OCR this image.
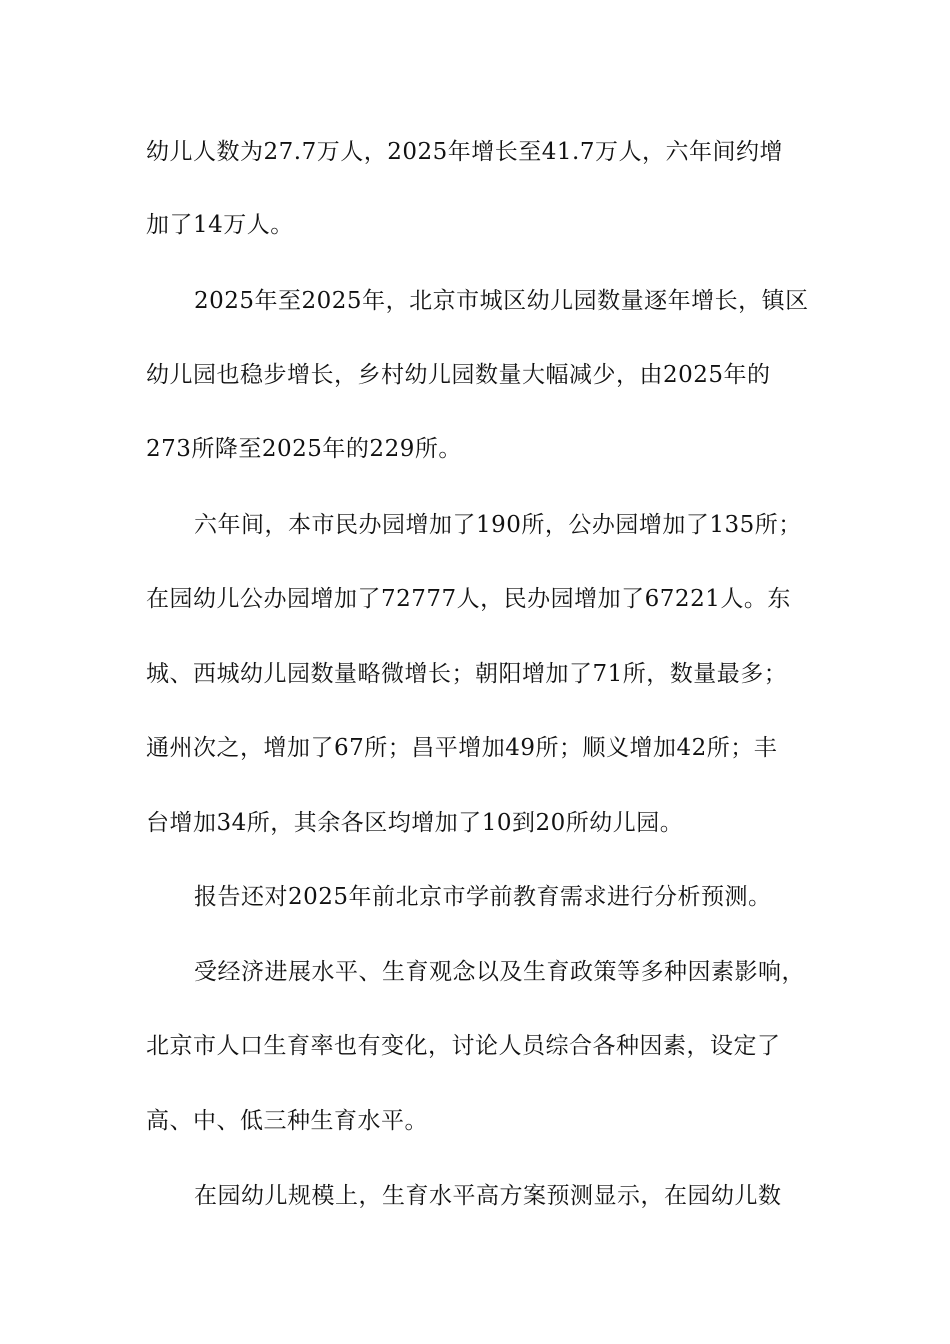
幼儿人数为27.7万人，2025年增长至41.7万人，六年间约增
加了14万人。
2025年至2025年，北京市城区幼儿园数量逐年增长，镇区
幼儿园也稳步增长，乡村幼儿园数量大幅减少，由2025年的
273所降至2025年的229所。
六年间，本市民办园增加了190所，公办园增加了135所；
在园幼儿公办园增加了72777人，民办园增加了67221人。东
城、西城幼儿园数量略微增长；朝阳增加了71所，数量最多；
通州次之，增加了67所；昌平增加49所；顺义增加42所；丰
台增加34所，其余各区均增加了10到20所幼儿园。
报告还对2025年前北京市学前教育需求进行分析预测。
受经济进展水平、生育观念以及生育政策等多种因素影响，
北京市人口生育率也有变化，讨论人员综合各种因素，设定了
高、中、低三种生育水平。
在园幼儿规模上，生育水平高方案预测显示，在园幼儿数
